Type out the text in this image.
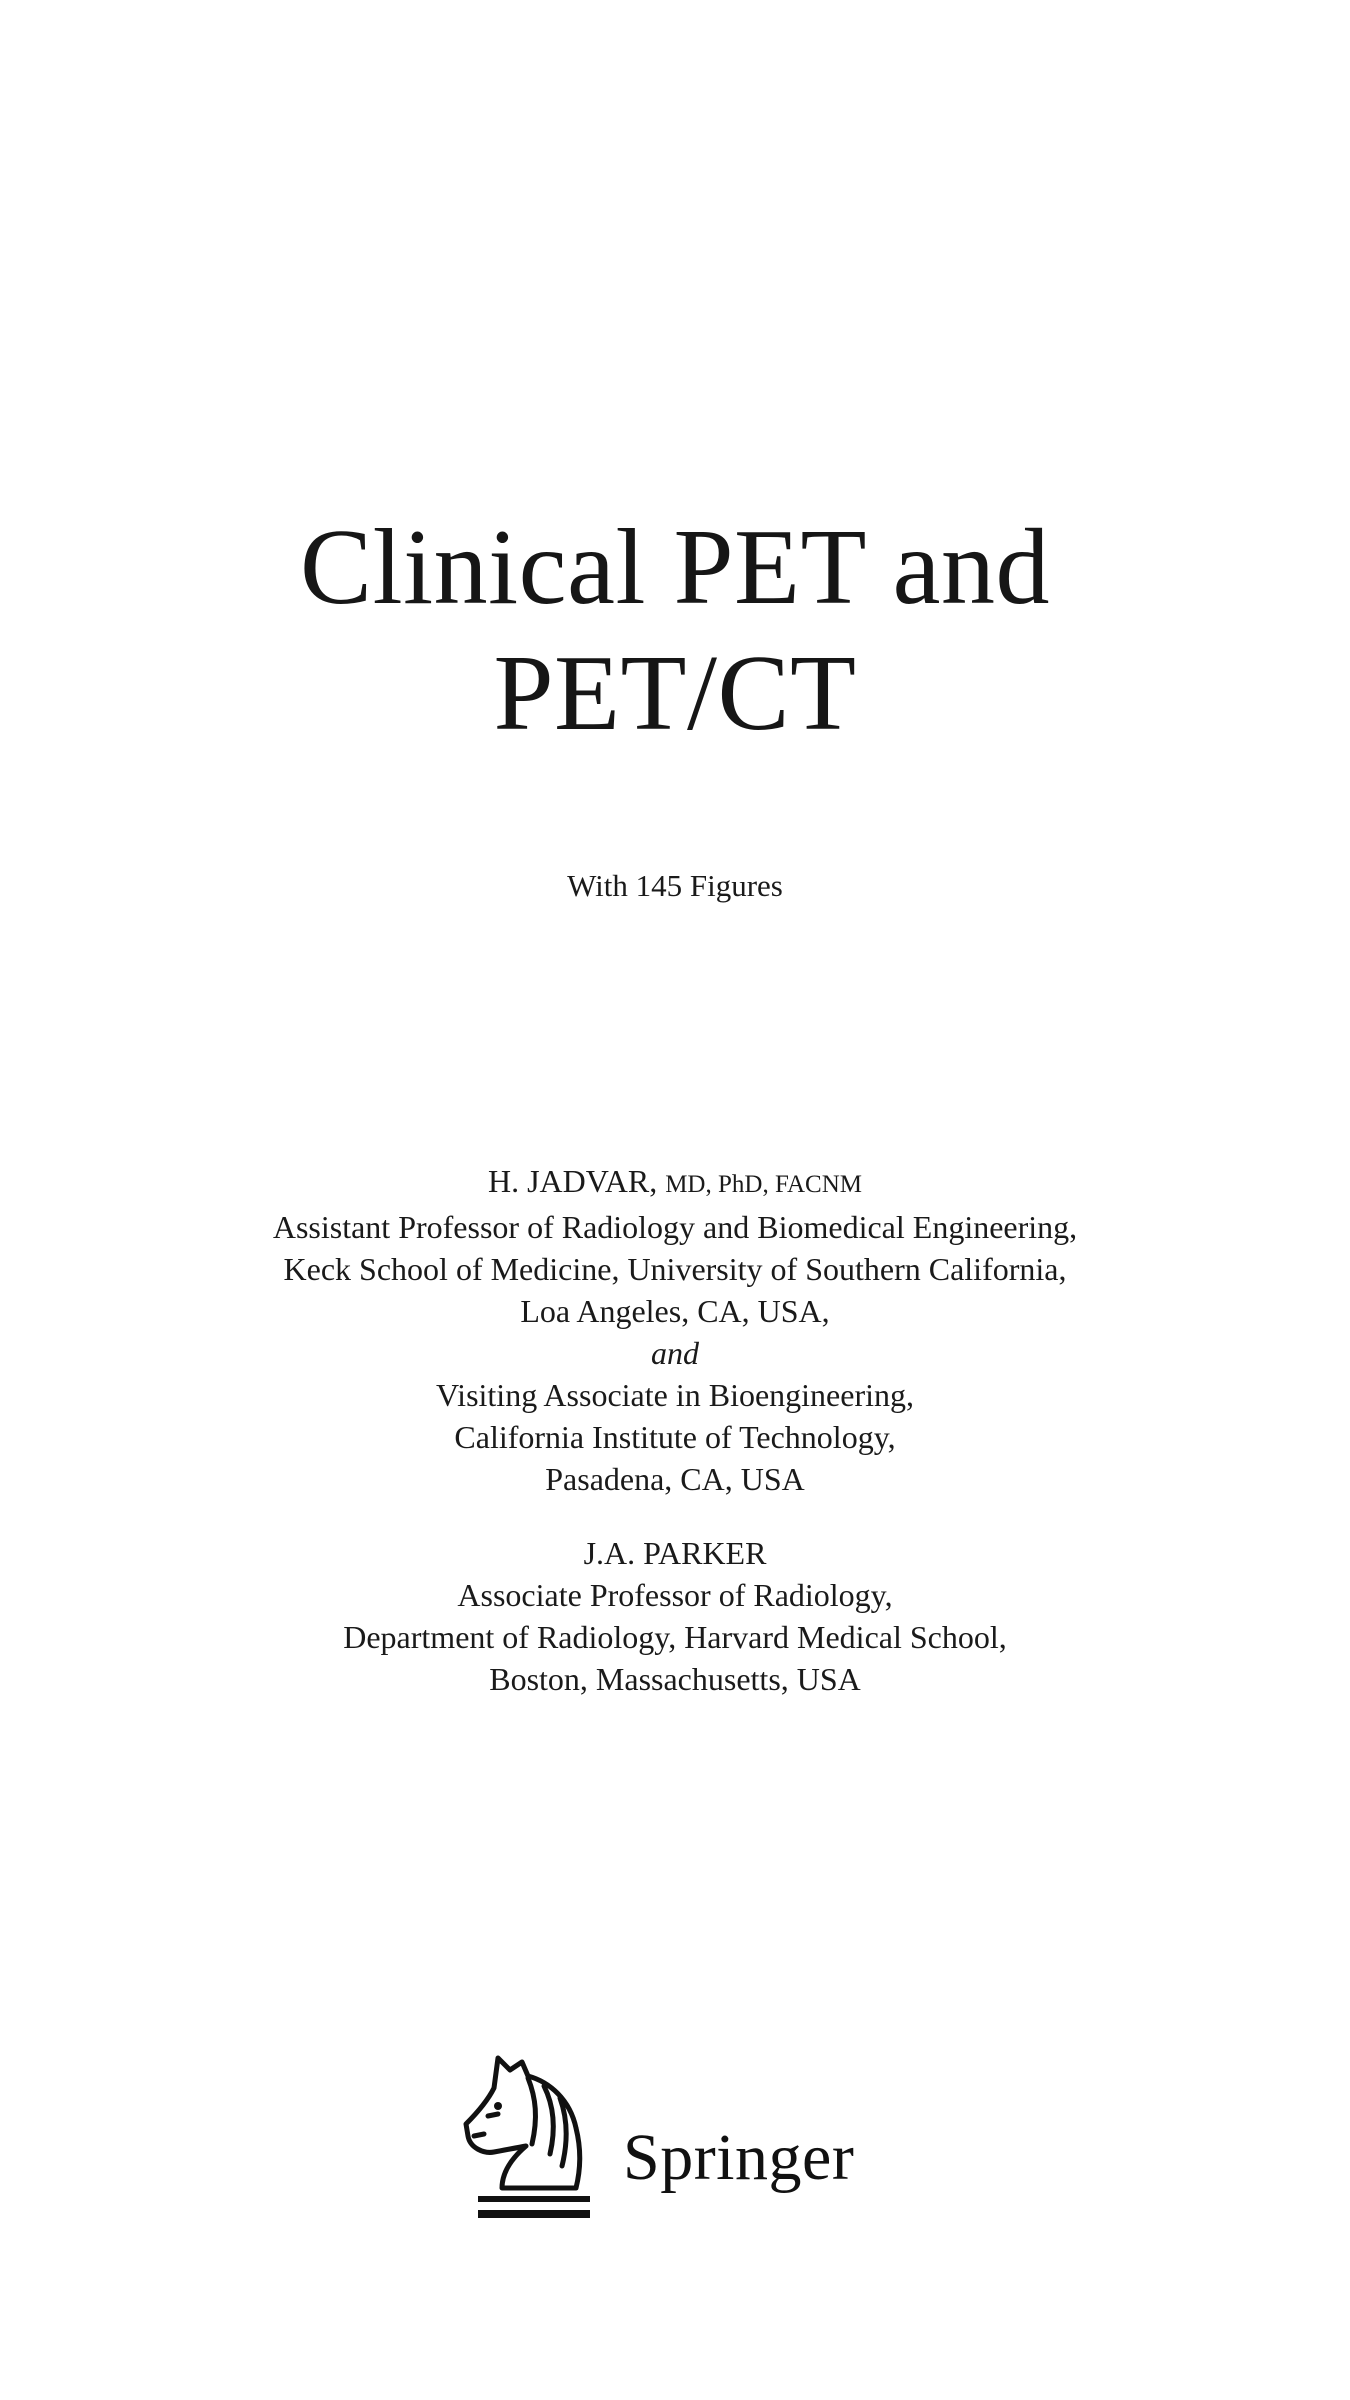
Clinical PET and
PET/CT
With 145 Figures
H. JADVAR, MD, PhD, FACNM
Assistant Professor of Radiology and Biomedical Engineering,
Keck School of Medicine, University of Southern California,
Loa Angeles, CA, USA,
and
Visiting Associate in Bioengineering,
California Institute of Technology,
Pasadena, CA, USA
J.A. PARKER
Associate Professor of Radiology,
Department of Radiology, Harvard Medical School,
Boston, Massachusetts, USA
Springer
